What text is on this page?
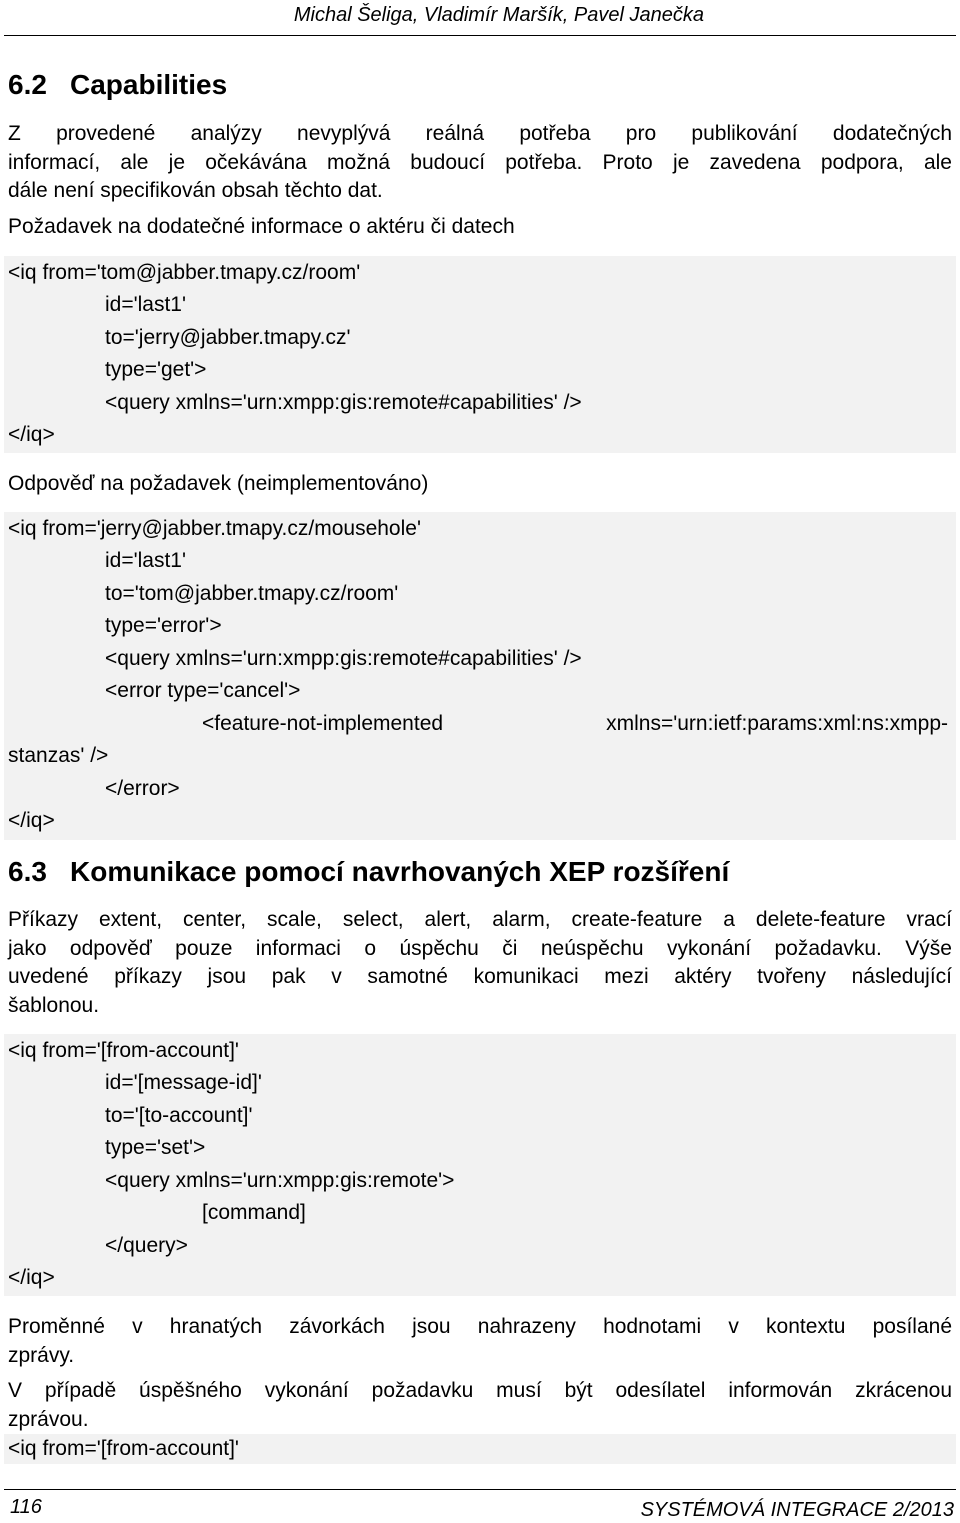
Michal Šeliga, Vladimír Maršík, Pavel Janečka
6.2 Capabilities
Z provedené analýzy nevyplývá reálná potřeba pro publikování dodatečných
informací, ale je očekávána možná budoucí potřeba. Proto je zavedena podpora, ale
dále není specifikován obsah těchto dat.
Požadavek na dodatečné informace o aktéru či datech
<iq from='tom@jabber.tmapy.cz/room'
id='last1'
to='jerry@jabber.tmapy.cz'
type='get'>
<query xmlns='urn:xmpp:gis:remote#capabilities' />
</iq>
Odpověď na požadavek (neimplementováno)
<iq from='jerry@jabber.tmapy.cz/mousehole'
id='last1'
to='tom@jabber.tmapy.cz/room'
type='error'>
<query xmlns='urn:xmpp:gis:remote#capabilities' />
<error type='cancel'>
<feature-not-implemented	xmlns='urn:ietf:params:xml:ns:xmpp-
stanzas' />
</error>
</iq>
6.3 Komunikace pomocí navrhovaných XEP rozšíření
Příkazy extent, center, scale, select, alert, alarm, create-feature a delete-feature vrací
jako odpověď pouze informaci o úspěchu či neúspěchu vykonání požadavku. Výše
uvedené příkazy jsou pak v samotné komunikaci mezi aktéry tvořeny následující
šablonou.
<iq from='[from-account]'
id='[message-id]'
to='[to-account]'
type='set'>
<query xmlns='urn:xmpp:gis:remote'>
[command]
</query>
</iq>
Proměnné v hranatých závorkách jsou nahrazeny hodnotami v kontextu posílané
zprávy.
V případě úspěšného vykonání požadavku musí být odesílatel informován zkrácenou
zprávou.
<iq from='[from-account]'
116	SYSTÉMOVÁ INTEGRACE 2/2013
